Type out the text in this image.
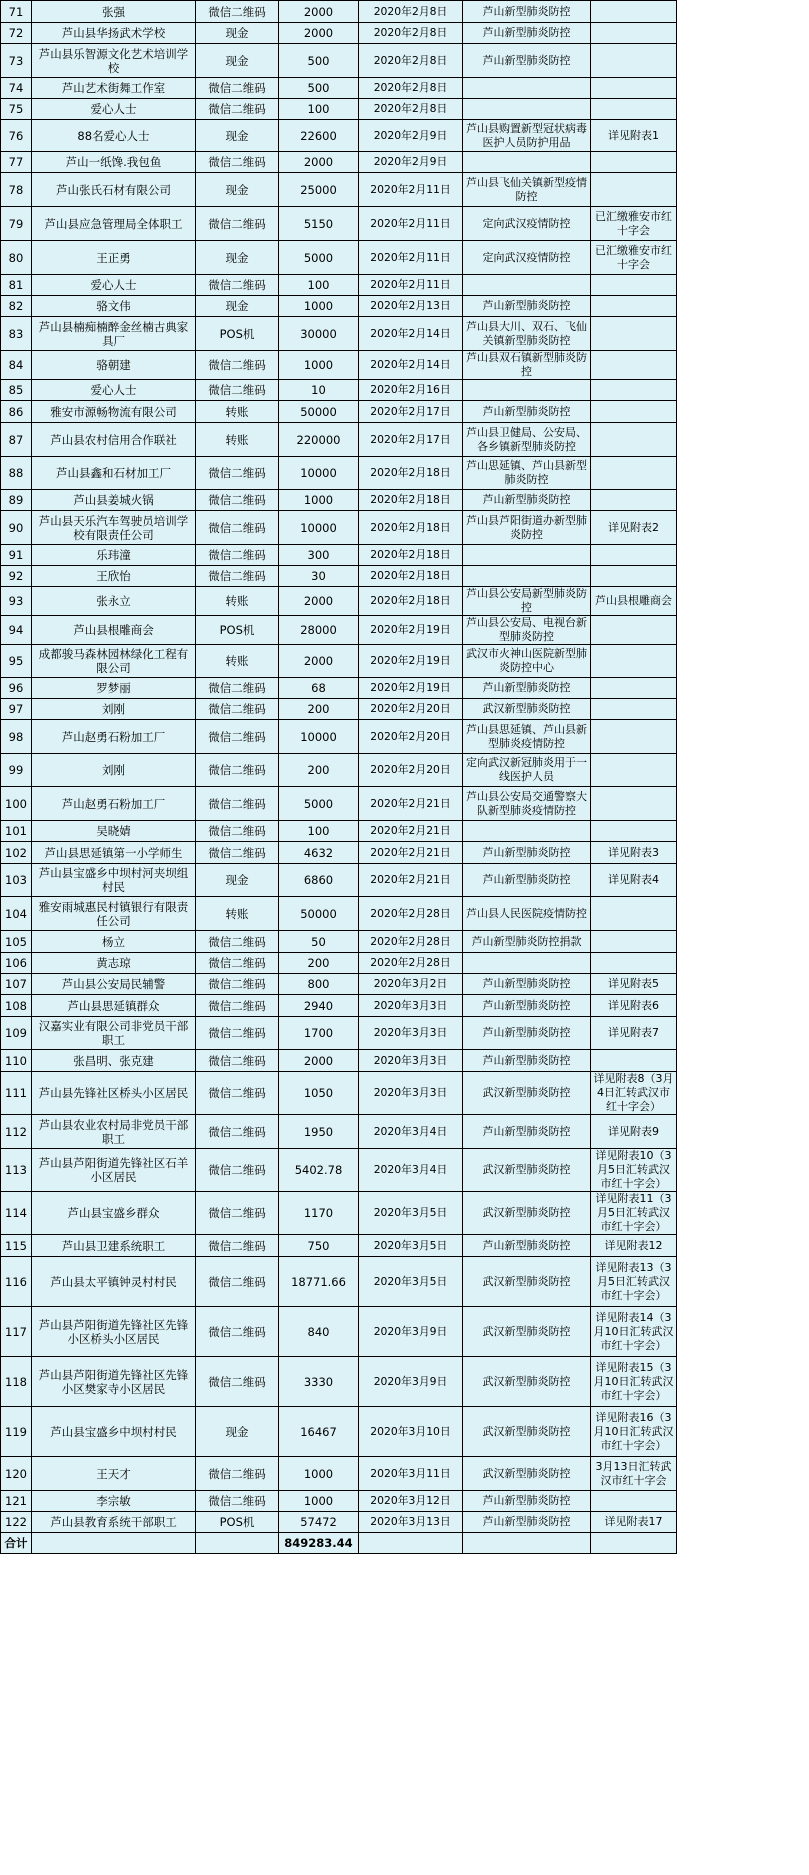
71	张强	微信二维码	2000	2020年2月8日	芦山新型肺炎防控	
72	芦山县华扬武术学校	现金	2000	2020年2月8日	芦山新型肺炎防控	
73	芦山县乐智源文化艺术培训学校	现金	500	2020年2月8日	芦山新型肺炎防控	
74	芦山艺术街舞工作室	微信二维码	500	2020年2月8日		
75	爱心人士	微信二维码	100	2020年2月8日		
76	88名爱心人士	现金	22600	2020年2月9日	芦山县购置新型冠状病毒医护人员防护用品	详见附表1
77	芦山一纸馋.我包鱼	微信二维码	2000	2020年2月9日		
78	芦山张氏石材有限公司	现金	25000	2020年2月11日	芦山县飞仙关镇新型疫情防控	
79	芦山县应急管理局全体职工	微信二维码	5150	2020年2月11日	定向武汉疫情防控	已汇缴雅安市红十字会
80	王正勇	现金	5000	2020年2月11日	定向武汉疫情防控	已汇缴雅安市红十字会
81	爱心人士	微信二维码	100	2020年2月11日		
82	骆文伟	现金	1000	2020年2月13日	芦山新型肺炎防控	
83	芦山县楠痴楠醉金丝楠古典家具厂	POS机	30000	2020年2月14日	芦山县大川、双石、飞仙关镇新型肺炎防控	
84	骆朝建	微信二维码	1000	2020年2月14日	芦山县双石镇新型肺炎防控	
85	爱心人士	微信二维码	10	2020年2月16日		
86	雅安市源畅物流有限公司	转账	50000	2020年2月17日	芦山新型肺炎防控	
87	芦山县农村信用合作联社	转账	220000	2020年2月17日	芦山县卫健局、公安局、各乡镇新型肺炎防控	
88	芦山县鑫和石材加工厂	微信二维码	10000	2020年2月18日	芦山思延镇、芦山县新型肺炎防控	
89	芦山县姜城火锅	微信二维码	1000	2020年2月18日	芦山新型肺炎防控	
90	芦山县天乐汽车驾驶员培训学校有限责任公司	微信二维码	10000	2020年2月18日	芦山县芦阳街道办新型肺炎防控	详见附表2
91	乐玮潼	微信二维码	300	2020年2月18日		
92	王欣怡	微信二维码	30	2020年2月18日		
93	张永立	转账	2000	2020年2月18日	芦山县公安局新型肺炎防控	芦山县根雕商会
94	芦山县根雕商会	POS机	28000	2020年2月19日	芦山县公安局、电视台新型肺炎防控	
95	成都骏马森林园林绿化工程有限公司	转账	2000	2020年2月19日	武汉市火神山医院新型肺炎防控中心	
96	罗梦丽	微信二维码	68	2020年2月19日	芦山新型肺炎防控	
97	刘刚	微信二维码	200	2020年2月20日	武汉新型肺炎防控	
98	芦山赵勇石粉加工厂	微信二维码	10000	2020年2月20日	芦山县思延镇、芦山县新型肺炎疫情防控	
99	刘刚	微信二维码	200	2020年2月20日	定向武汉新冠肺炎用于一线医护人员	
100	芦山赵勇石粉加工厂	微信二维码	5000	2020年2月21日	芦山县公安局交通警察大队新型肺炎疫情防控	
101	吴晓婧	微信二维码	100	2020年2月21日		
102	芦山县思延镇第一小学师生	微信二维码	4632	2020年2月21日	芦山新型肺炎防控	详见附表3
103	芦山县宝盛乡中坝村河夹坝组村民	现金	6860	2020年2月21日	芦山新型肺炎防控	详见附表4
104	雅安雨城惠民村镇银行有限责任公司	转账	50000	2020年2月28日	芦山县人民医院疫情防控	
105	杨立	微信二维码	50	2020年2月28日	芦山新型肺炎防控捐款	
106	黄志琼	微信二维码	200	2020年2月28日		
107	芦山县公安局民辅警	微信二维码	800	2020年3月2日	芦山新型肺炎防控	详见附表5
108	芦山县思延镇群众	微信二维码	2940	2020年3月3日	芦山新型肺炎防控	详见附表6
109	汉嘉实业有限公司非党员干部职工	微信二维码	1700	2020年3月3日	芦山新型肺炎防控	详见附表7
110	张昌明、张克建	微信二维码	2000	2020年3月3日	芦山新型肺炎防控	
111	芦山县先锋社区桥头小区居民	微信二维码	1050	2020年3月3日	武汉新型肺炎防控	详见附表8（3月4日汇转武汉市红十字会）
112	芦山县农业农村局非党员干部职工	微信二维码	1950	2020年3月4日	芦山新型肺炎防控	详见附表9
113	芦山县芦阳街道先锋社区石羊小区居民	微信二维码	5402.78	2020年3月4日	武汉新型肺炎防控	详见附表10（3月5日汇转武汉市红十字会）
114	芦山县宝盛乡群众	微信二维码	1170	2020年3月5日	武汉新型肺炎防控	详见附表11（3月5日汇转武汉市红十字会）
115	芦山县卫建系统职工	微信二维码	750	2020年3月5日	芦山新型肺炎防控	详见附表12
116	芦山县太平镇钟灵村村民	微信二维码	18771.66	2020年3月5日	武汉新型肺炎防控	详见附表13（3月5日汇转武汉市红十字会）
117	芦山县芦阳街道先锋社区先锋小区桥头小区居民	微信二维码	840	2020年3月9日	武汉新型肺炎防控	详见附表14（3月10日汇转武汉市红十字会）
118	芦山县芦阳街道先锋社区先锋小区樊家寺小区居民	微信二维码	3330	2020年3月9日	武汉新型肺炎防控	详见附表15（3月10日汇转武汉市红十字会）
119	芦山县宝盛乡中坝村村民	现金	16467	2020年3月10日	武汉新型肺炎防控	详见附表16（3月10日汇转武汉市红十字会）
120	王天才	微信二维码	1000	2020年3月11日	武汉新型肺炎防控	3月13日汇转武汉市红十字会
121	李宗敏	微信二维码	1000	2020年3月12日	芦山新型肺炎防控	
122	芦山县教育系统干部职工	POS机	57472	2020年3月13日	芦山新型肺炎防控	详见附表17
合计			849283.44			
